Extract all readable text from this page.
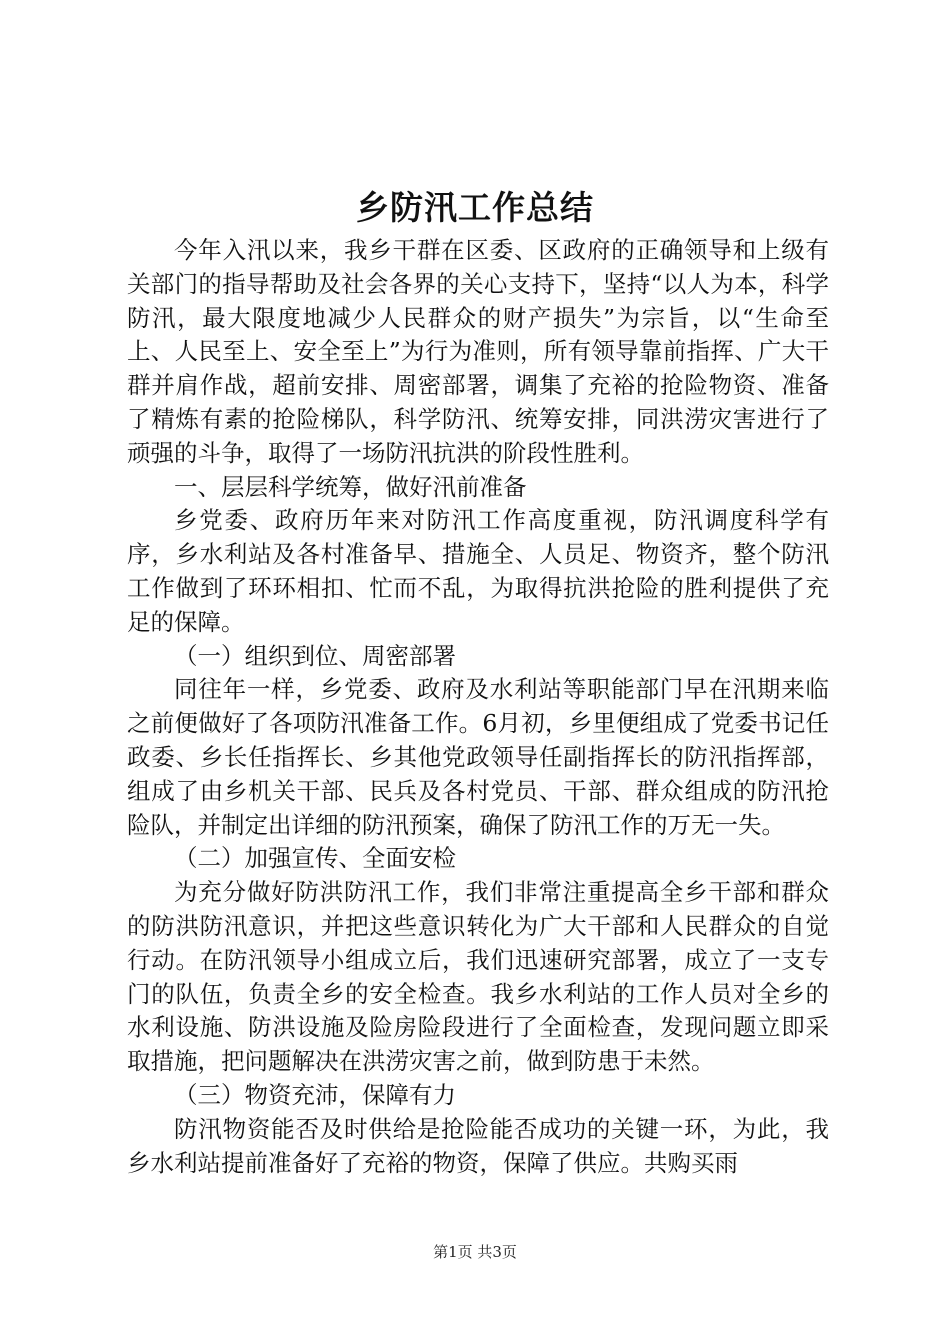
乡防汛工作总结

今年入汛以来，我乡干群在区委、区政府的正确领导和上级有关部门的指导帮助及社会各界的关心支持下，坚持“以人为本，科学防汛，最大限度地减少人民群众的财产损失”为宗旨，以“生命至上、人民至上、安全至上”为行为准则，所有领导靠前指挥、广大干群并肩作战，超前安排、周密部署，调集了充裕的抢险物资、准备了精炼有素的抢险梯队，科学防汛、统筹安排，同洪涝灾害进行了顽强的斗争，取得了一场防汛抗洪的阶段性胜利。

一、层层科学统筹，做好汛前准备

乡党委、政府历年来对防汛工作高度重视，防汛调度科学有序，乡水利站及各村准备早、措施全、人员足、物资齐，整个防汛工作做到了环环相扣、忙而不乱，为取得抗洪抢险的胜利提供了充足的保障。

（一）组织到位、周密部署

同往年一样，乡党委、政府及水利站等职能部门早在汛期来临之前便做好了各项防汛准备工作。6月初，乡里便组成了党委书记任政委、乡长任指挥长、乡其他党政领导任副指挥长的防汛指挥部，组成了由乡机关干部、民兵及各村党员、干部、群众组成的防汛抢险队，并制定出详细的防汛预案，确保了防汛工作的万无一失。

（二）加强宣传、全面安检

为充分做好防洪防汛工作，我们非常注重提高全乡干部和群众的防洪防汛意识，并把这些意识转化为广大干部和人民群众的自觉行动。在防汛领导小组成立后，我们迅速研究部署，成立了一支专门的队伍，负责全乡的安全检查。我乡水利站的工作人员对全乡的水利设施、防洪设施及险房险段进行了全面检查，发现问题立即采取措施，把问题解决在洪涝灾害之前，做到防患于未然。

（三）物资充沛，保障有力

防汛物资能否及时供给是抢险能否成功的关键一环，为此，我乡水利站提前准备好了充裕的物资，保障了供应。共购买雨

第1页 共3页
